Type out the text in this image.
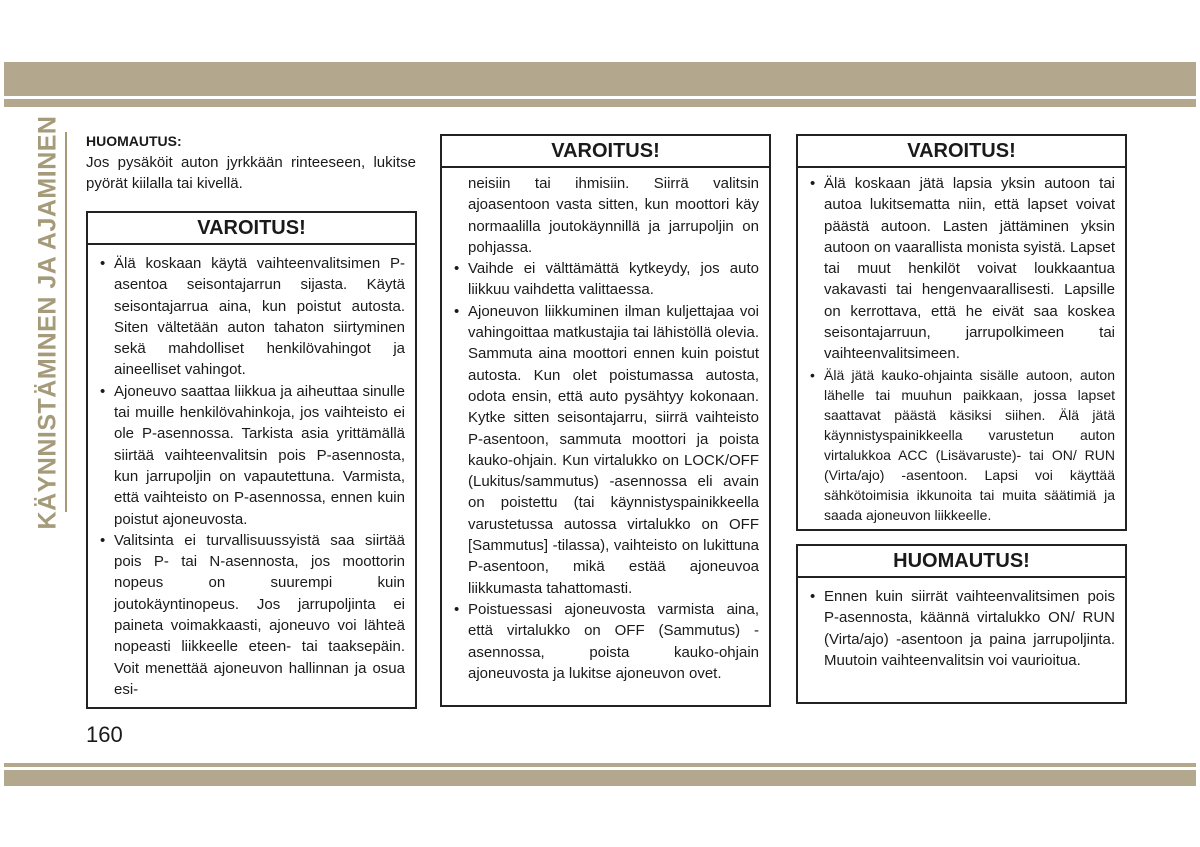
KÄYNNISTÄMINEN JA AJAMINEN HUOMAUTUS:
Jos pysäköit auton jyrkkään rinteeseen, lukitse pyörät kiilalla tai kivellä.
VAROITUS!
• Älä koskaan käytä vaihteenvalitsimen P-asentoa seisontajarrun sijasta. Käytä seisontajarrua aina, kun poistut autosta. Siten vältetään auton tahaton siirtyminen sekä mahdolliset henkilövahingot ja aineelliset vahingot.
• Ajoneuvo saattaa liikkua ja aiheuttaa sinulle tai muille henkilövahinkoja, jos vaihteisto ei ole P-asennossa. Tarkista asia yrittämällä siirtää vaihteenvalitsin pois P-asennosta, kun jarrupoljin on vapautettuna. Varmista, että vaihteisto on P-asennossa, ennen kuin poistut ajoneuvosta.
• Valitsinta ei turvallisuussyistä saa siirtää pois P- tai N-asennosta, jos moottorin nopeus on suurempi kuin joutokäyntinopeus. Jos jarrupoljinta ei paineta voimakkaasti, ajoneuvo voi lähteä nopeasti liikkeelle eteen- tai taaksepäin. Voit menettää ajoneuvon hallinnan ja osua esi-
VAROITUS!
neisiin tai ihmisiin. Siirrä valitsin ajoasentoon vasta sitten, kun moottori käy normaalilla joutokäynnillä ja jarrupoljin on pohjassa.
• Vaihde ei välttämättä kytkeydy, jos auto liikkuu vaihdetta valittaessa.
• Ajoneuvon liikkuminen ilman kuljettajaa voi vahingoittaa matkustajia tai lähistöllä olevia. Sammuta aina moottori ennen kuin poistut autosta. Kun olet poistumassa autosta, odota ensin, että auto pysähtyy kokonaan. Kytke sitten seisontajarru, siirrä vaihteisto P-asentoon, sammuta moottori ja poista kauko-ohjain. Kun virtalukko on LOCK/OFF (Lukitus/sammutus) -asennossa eli avain on poistettu (tai käynnistyspainikkeella varustetussa autossa virtalukko on OFF [Sammutus] -tilassa), vaihteisto on lukittuna P-asentoon, mikä estää ajoneuvoa liikkumasta tahattomasti.
• Poistuessasi ajoneuvosta varmista aina, että virtalukko on OFF (Sammutus) -asennossa, poista kauko-ohjain ajoneuvosta ja lukitse ajoneuvon ovet.
VAROITUS!
• Älä koskaan jätä lapsia yksin autoon tai autoa lukitsematta niin, että lapset voivat päästä autoon. Lasten jättäminen yksin autoon on vaarallista monista syistä. Lapset tai muut henkilöt voivat loukkaantua vakavasti tai hengenvaarallisesti. Lapsille on kerrottava, että he eivät saa koskea seisontajarruun, jarrupolkimeen tai vaihteenvalitsimeen.
• Älä jätä kauko-ohjainta sisälle autoon, auton lähelle tai muuhun paikkaan, jossa lapset saattavat päästä käsiksi siihen. Älä jätä käynnistyspainikkeella varustetun auton virtalukkoa ACC (Lisävaruste)- tai ON/ RUN (Virta/ajo) -asentoon. Lapsi voi käyttää sähkötoimisia ikkunoita tai muita säätimiä ja saada ajoneuvon liikkeelle.
HUOMAUTUS!
• Ennen kuin siirrät vaihteenvalitsimen pois P-asennosta, käännä virtalukko ON/ RUN (Virta/ajo) -asentoon ja paina jarrupoljinta. Muutoin vaihteenvalitsin voi vaurioitua.
160
